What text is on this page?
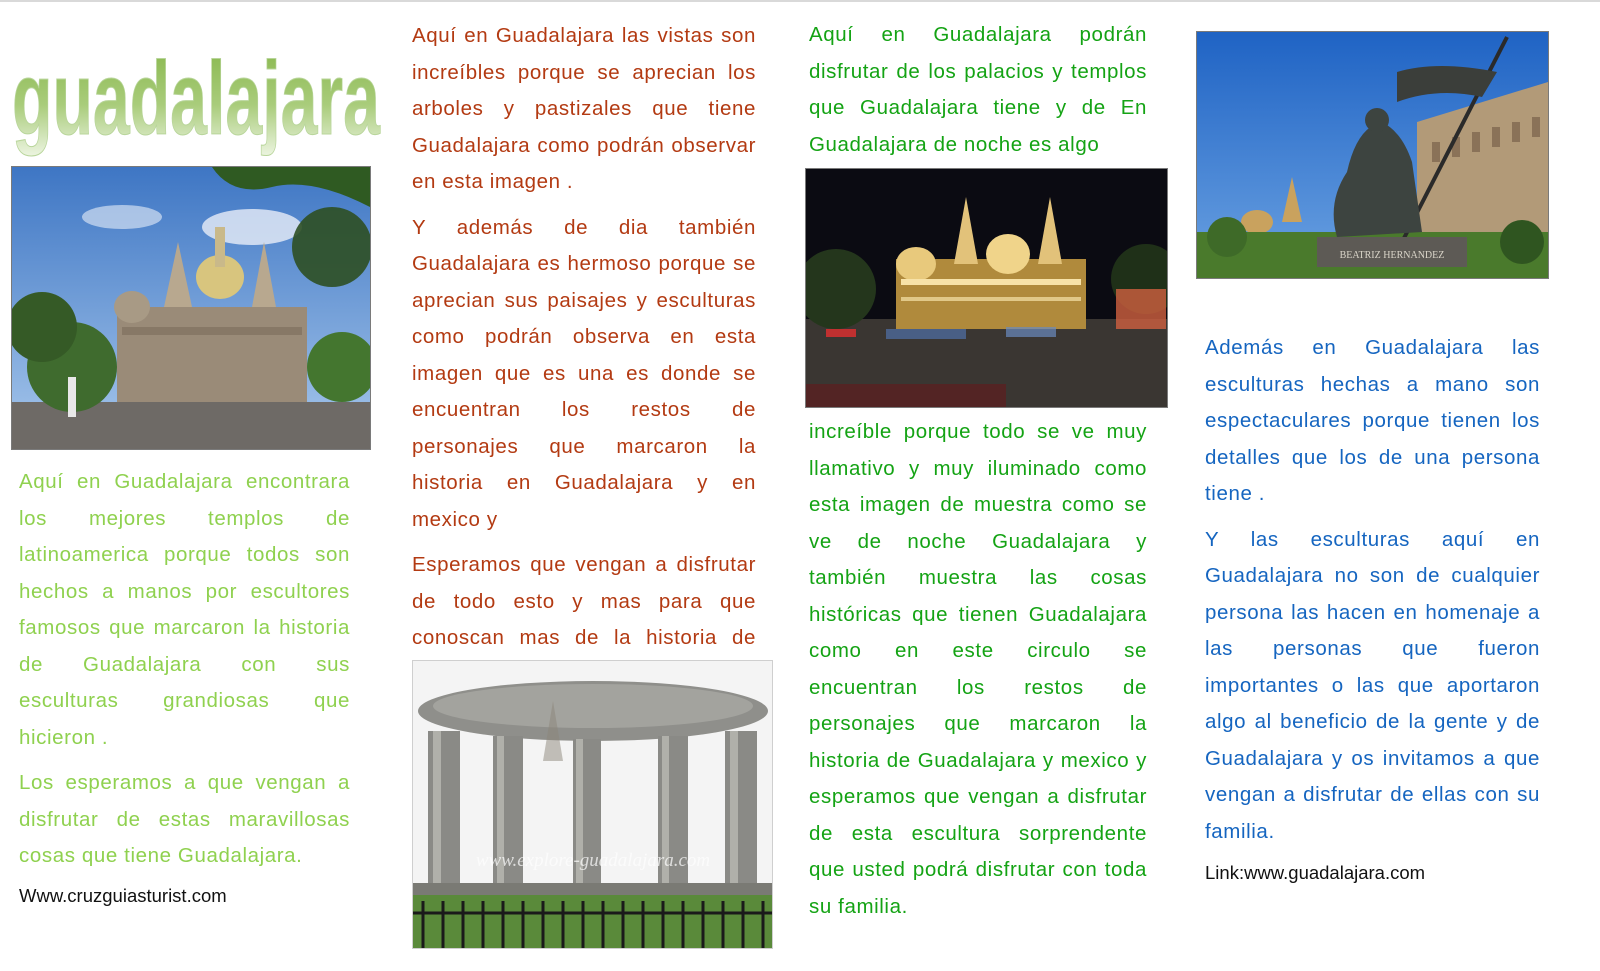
guadalajara

Aquí en Guadalajara encontrara los mejores templos de latinoamerica porque todos son hechos a manos por escultores famosos que marcaron la historia de Guadalajara con sus esculturas grandiosas que hicieron .

Los esperamos a que vengan a disfrutar de estas maravillosas cosas que tiene Guadalajara.

Www.cruzguiasturist.com

Aquí en Guadalajara las vistas son increíbles porque se aprecian los arboles y pastizales que tiene Guadalajara como podrán observar en esta imagen .

Y además de dia también Guadalajara es hermoso porque se aprecian sus paisajes y esculturas como podrán observa en esta imagen que es una es donde se encuentran los restos de personajes que marcaron la historia en Guadalajara y en mexico y

Esperamos que vengan a disfrutar de todo esto y mas para que conoscan mas de la historia de

www.explore-guadalajara.com

Aquí en Guadalajara podrán disfrutar de los palacios y templos que Guadalajara tiene y de En Guadalajara de noche es algo

increíble porque todo se ve muy llamativo y muy iluminado como esta imagen de muestra como se ve de noche Guadalajara y también muestra las cosas históricas que tienen Guadalajara como en este circulo se encuentran los restos de personajes que marcaron la historia de Guadalajara y mexico y esperamos que vengan a disfrutar de esta escultura sorprendente que usted podrá disfrutar con toda su familia.

BEATRIZ HERNANDEZ

Además en Guadalajara las esculturas hechas a mano son espectaculares porque tienen los detalles que los de una persona tiene .

Y las esculturas aquí en Guadalajara no son de cualquier persona las hacen en homenaje a las personas que fueron importantes o las que aportaron algo al beneficio de la gente y de Guadalajara y os invitamos a que vengan a disfrutar de ellas con su familia.

Link:www.guadalajara.com
